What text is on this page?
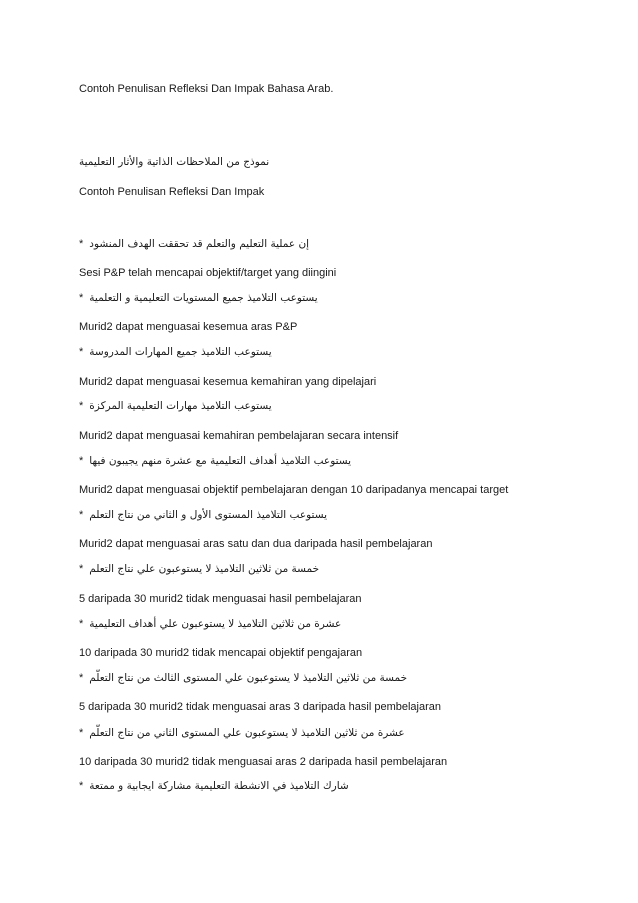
Contoh Penulisan Refleksi Dan Impak Bahasa Arab.
نموذج من الملاحظات الذاتية والأثار التعليمية
Contoh Penulisan Refleksi Dan Impak
* إن عملية التعليم والتعلم قد تحققت الهدف المنشود
Sesi P&P telah mencapai objektif/target yang diingini
* يستوعب التلاميذ جميع المستويات التعليمية و التعلمية
Murid2 dapat menguasai kesemua aras P&P
* يستوعب التلاميذ جميع المهارات المدروسة
Murid2 dapat menguasai kesemua kemahiran yang dipelajari
* يستوعب التلاميذ مهارات التعليمية المركزة
Murid2 dapat menguasai kemahiran pembelajaran secara intensif
* يستوعب التلاميذ أهداف التعليمية مع عشرة منهم يجيبون فيها
Murid2 dapat menguasai objektif pembelajaran dengan 10 daripadanya mencapai target
* يستوعب التلاميذ المستوى الأول و الثاني من نتاج التعلم
Murid2 dapat menguasai aras satu dan dua daripada hasil pembelajaran
* خمسة من ثلاثين التلاميذ لا يستوعبون علي نتاج التعلم
5 daripada 30 murid2 tidak menguasai hasil pembelajaran
* عشرة من ثلاثين التلاميذ لا يستوعبون علي أهداف التعليمية
10 daripada 30 murid2 tidak mencapai objektif pengajaran
* خمسة من ثلاثين التلاميذ لا يستوعبون علي المستوى الثالث من نتاج التعلّم
5 daripada 30 murid2 tidak menguasai aras 3 daripada hasil pembelajaran
* عشرة من ثلاثين التلاميذ لا يستوعبون علي المستوى الثاني من نتاج التعلّم
10 daripada 30 murid2 tidak menguasai aras 2 daripada hasil pembelajaran
* شارك التلاميذ في الانشطة التعليمية مشاركة ايجابية و ممتعة
